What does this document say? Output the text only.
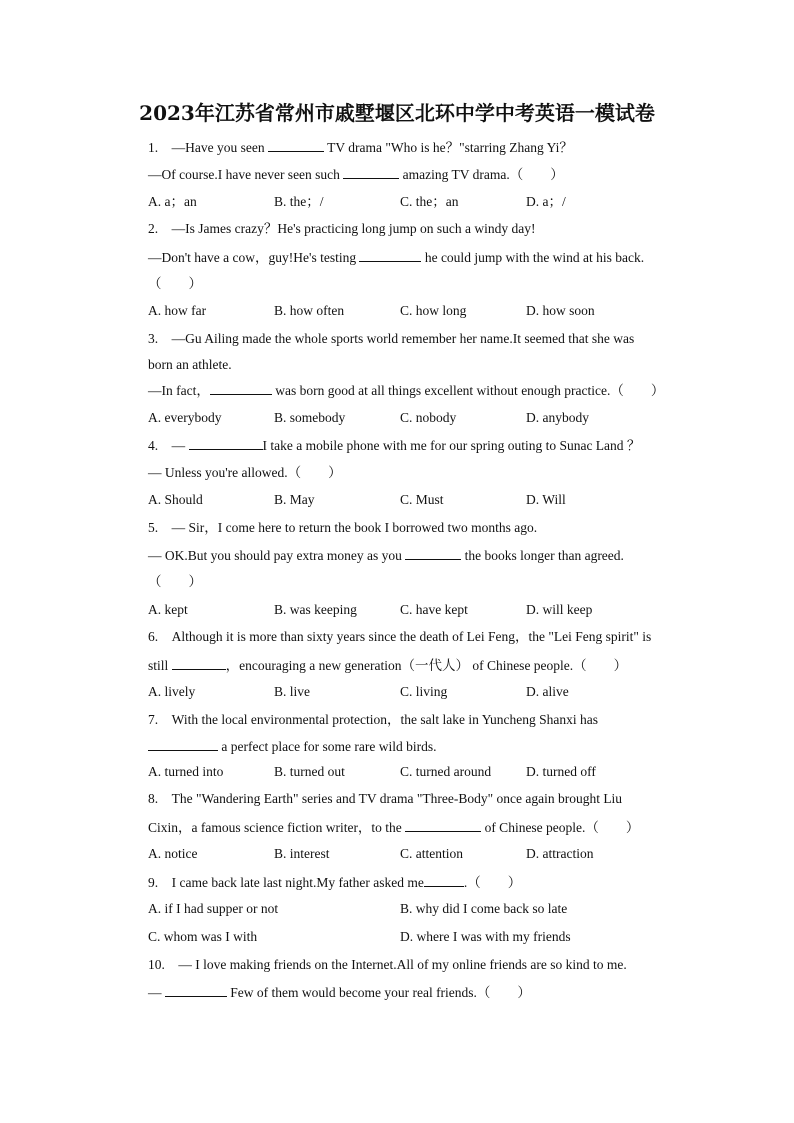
2023年江苏省常州市戚墅堰区北环中学中考英语一模试卷
1.　—Have you seen	TV drama "Who is he？"starring Zhang Yi？
—Of course.I have never seen such	amazing TV drama.（　　）
A. a；an	B. the；/	C. the；an	D. a；/
2.　—Is James crazy？He's practicing long jump on such a windy day!
—Don't have a cow，guy!He's testing	he could jump with the wind at his back.
（　　）
A. how far	B. how often	C. how long	D. how soon
3.　—Gu Ailing made the whole sports world remember her name.It seemed that she was
born an athlete.
—In fact，	was born good at all things excellent without enough practice.（　　）
A. everybody	B. somebody	C. nobody	D. anybody
4.　—	I take a mobile phone with me for our spring outing to Sunac Land ？
— Unless you're allowed.（　　）
A. Should	B. May	C. Must	D. Will
5.　— Sir，I come here to return the book I borrowed two months ago.
— OK.But you should pay extra money as you	the books longer than agreed.
（　　）
A. kept	B. was keeping	C. have kept	D. will keep
6.　Although it is more than sixty years since the death of Lei Feng，the "Lei Feng spirit" is
still	，encouraging a new generation（一代人） of Chinese people.（　　）
A. lively	B. live	C. living	D. alive
7.　With the local environmental protection，the salt lake in Yuncheng Shanxi has
a perfect place for some rare wild birds.
A. turned into	B. turned out	C. turned around	D. turned off
8.　The "Wandering Earth" series and TV drama "Three-Body" once again brought Liu
Cixin，a famous science fiction writer，to the	of Chinese people.（　　）
A. notice	B. interest	C. attention	D. attraction
9.　I came back late last night.My father asked me	.（　　）
A. if I had supper or not	B. why did I come back so late
C. whom was I with	D. where I was with my friends
10.　— I love making friends on the Internet.All of my online friends are so kind to me.
—	Few of them would become your real friends.（　　）
